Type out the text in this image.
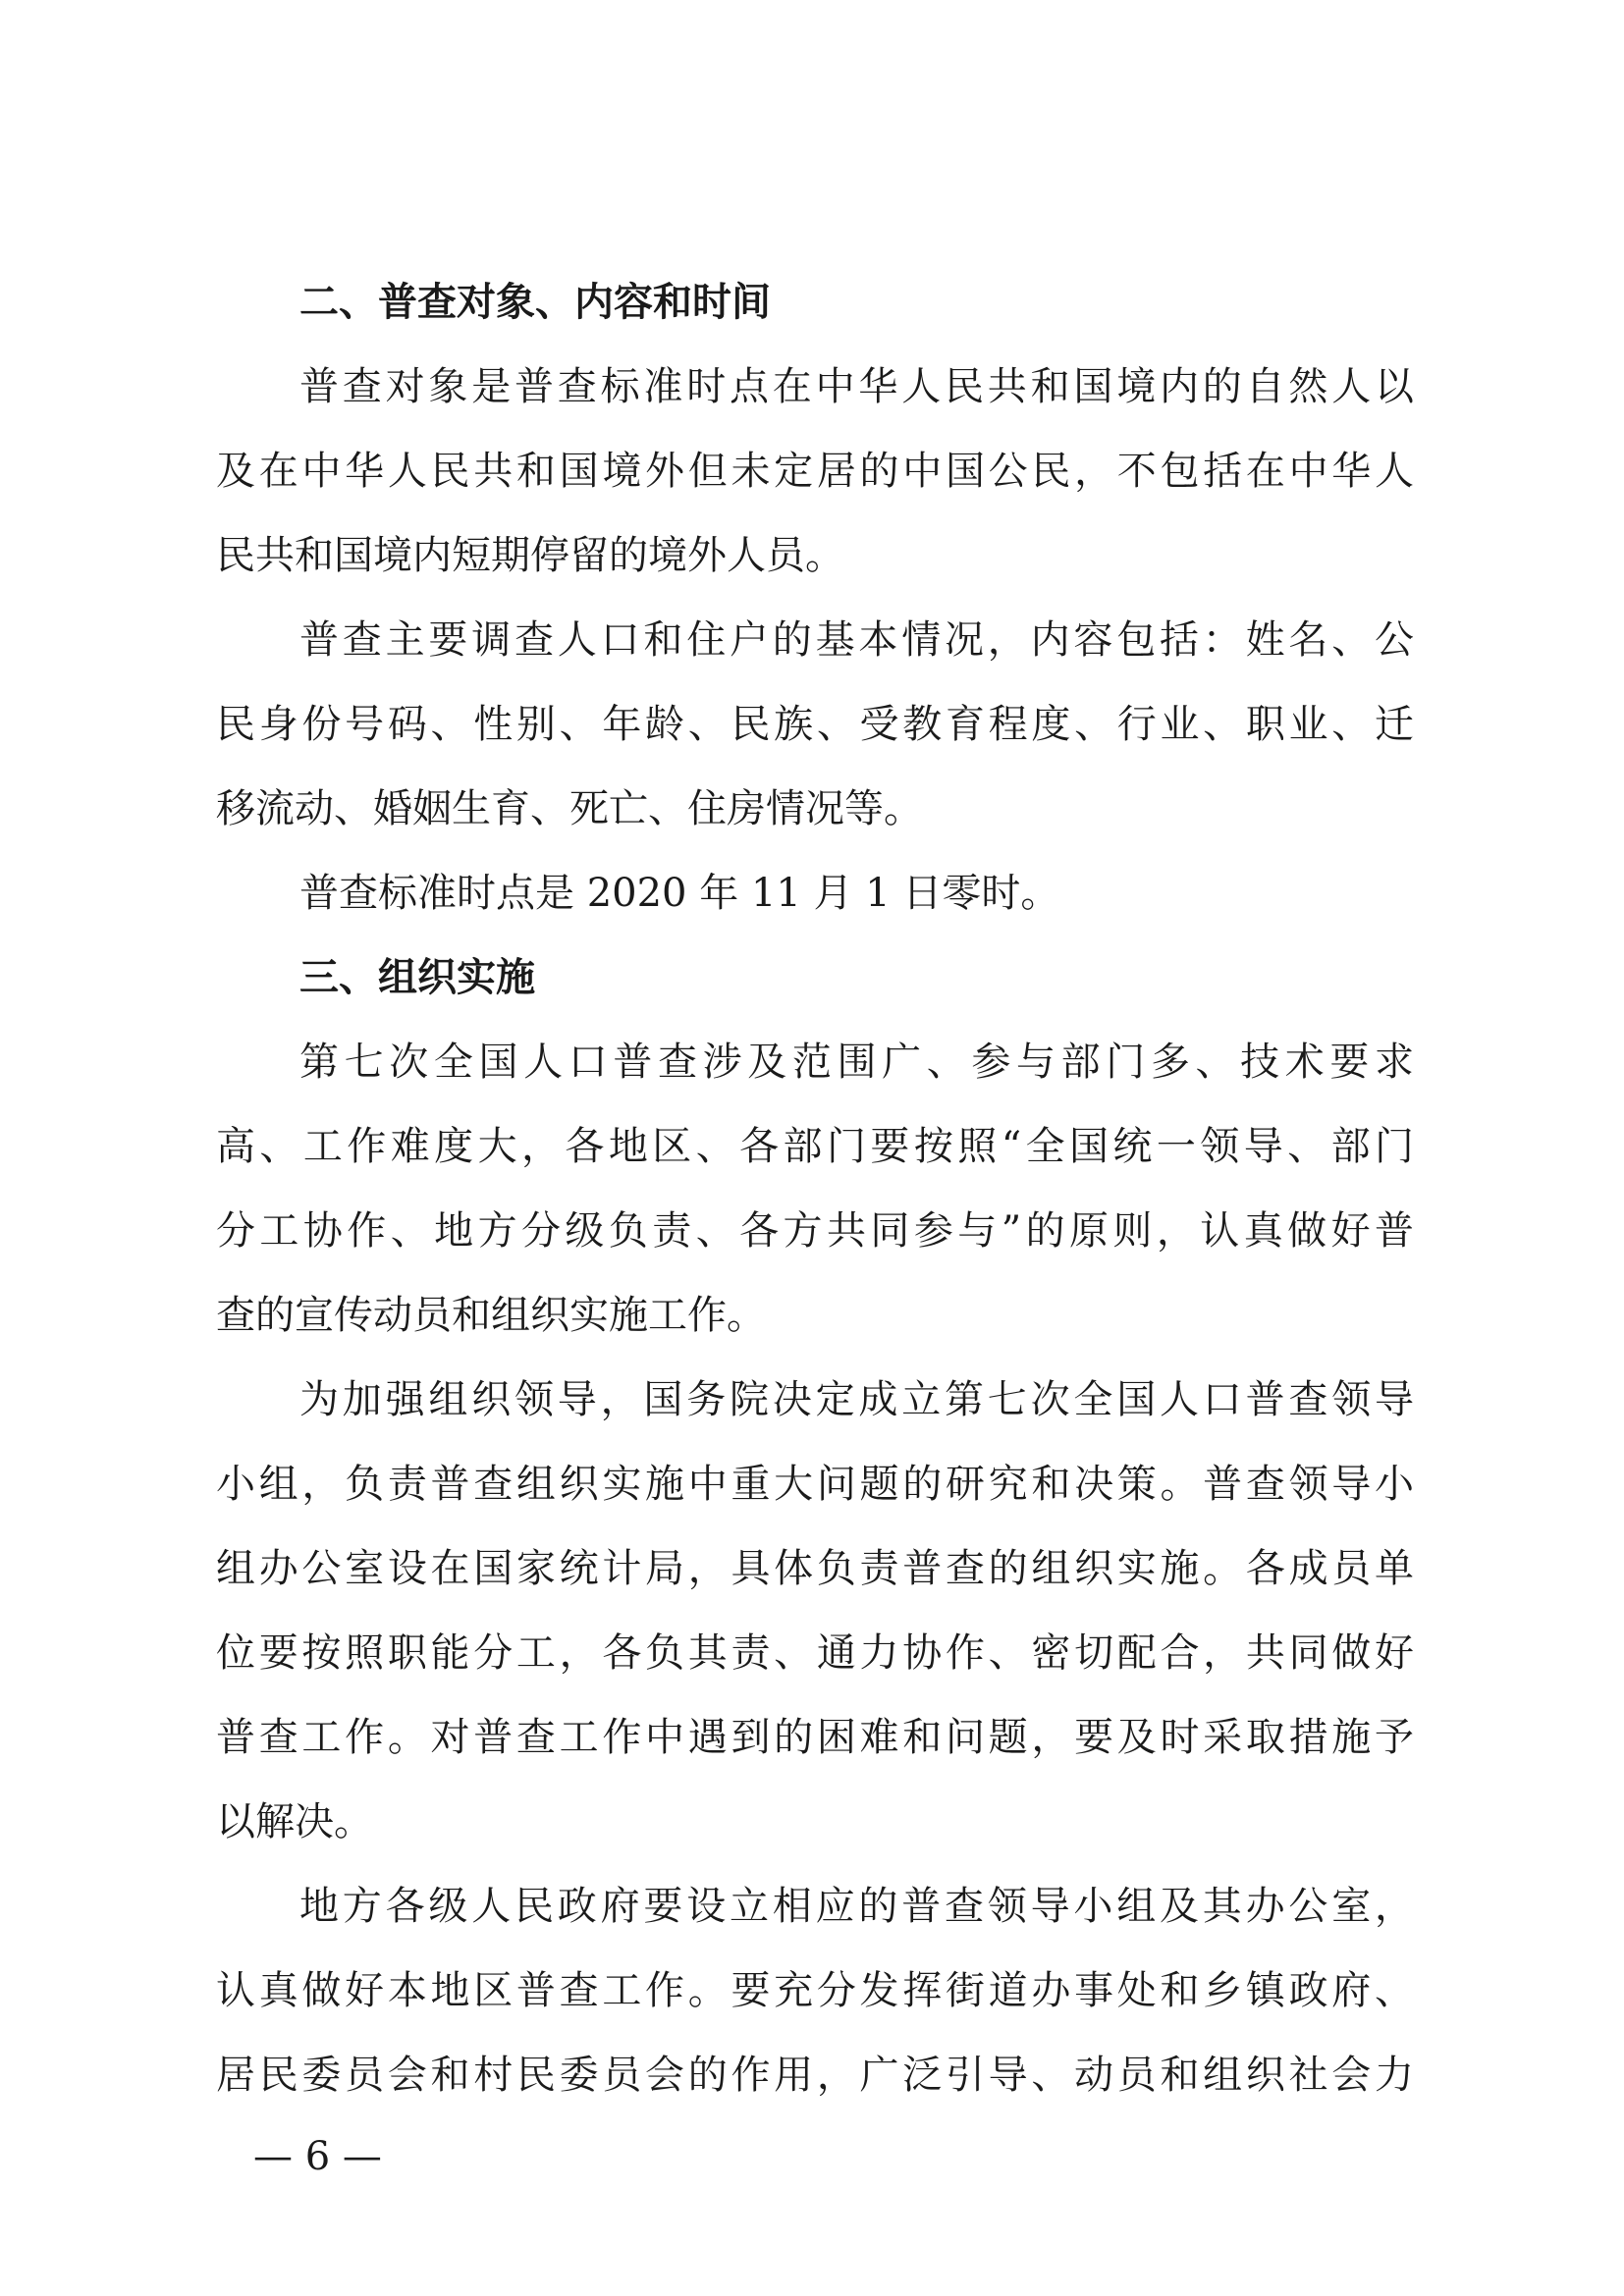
二、普查对象、内容和时间
普查对象是普查标准时点在中华人民共和国境内的自然人以
及在中华人民共和国境外但未定居的中国公民，不包括在中华人
民共和国境内短期停留的境外人员。
普查主要调查人口和住户的基本情况，内容包括：姓名、公
民身份号码、性别、年龄、民族、受教育程度、行业、职业、迁
移流动、婚姻生育、死亡、住房情况等。
普查标准时点是 2020 年 11 月 1 日零时。
三、组织实施
第七次全国人口普查涉及范围广、参与部门多、技术要求
高、工作难度大，各地区、各部门要按照“全国统一领导、部门
分工协作、地方分级负责、各方共同参与”的原则，认真做好普
查的宣传动员和组织实施工作。
为加强组织领导，国务院决定成立第七次全国人口普查领导
小组，负责普查组织实施中重大问题的研究和决策。普查领导小
组办公室设在国家统计局，具体负责普查的组织实施。各成员单
位要按照职能分工，各负其责、通力协作、密切配合，共同做好
普查工作。对普查工作中遇到的困难和问题，要及时采取措施予
以解决。
地方各级人民政府要设立相应的普查领导小组及其办公室，
认真做好本地区普查工作。要充分发挥街道办事处和乡镇政府、
居民委员会和村民委员会的作用，广泛引导、动员和组织社会力
— 6 —
